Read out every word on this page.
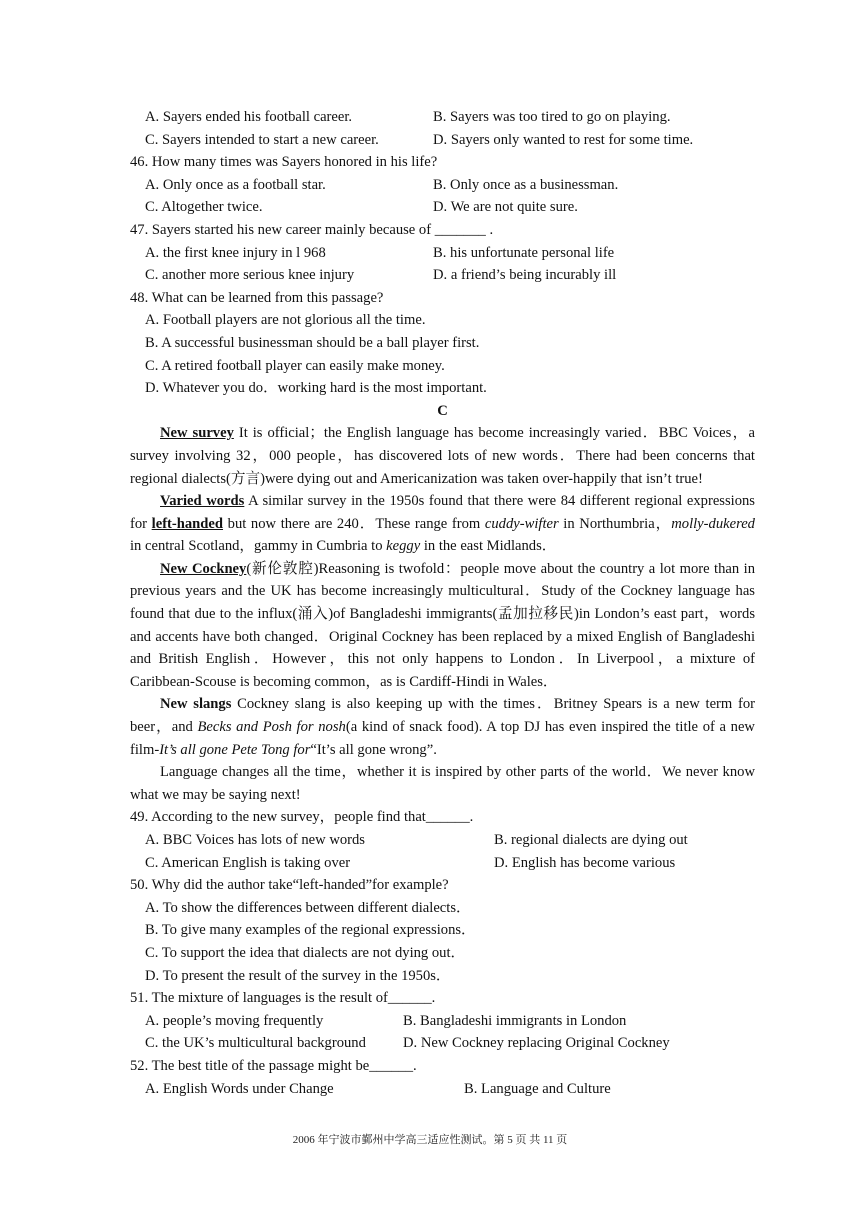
A. Sayers ended his football career.	B. Sayers was too tired to go on playing.
C. Sayers intended to start a new career.	D. Sayers only wanted to rest for some time.
46. How many times was Sayers honored in his life?
A. Only once as a football star.	B. Only once as a businessman.
C. Altogether twice.	D. We are not quite sure.
47. Sayers started his new career mainly because of _______ .
A. the first knee injury in l 968	B. his unfortunate personal life
C. another more serious knee injury	D. a friend’s being incurably ill
48. What can be learned from this passage?
A. Football players are not glorious all the time.
B. A successful businessman should be a ball player first.
C. A retired football player can easily make money.
D. Whatever you do．working hard is the most important.
C
New survey It is official；the English language has become increasingly varied．BBC Voices，a survey involving 32，000 people，has discovered lots of new words．There had been concerns that regional dialects(方言)were dying out and Americanization was taken over-happily that isn’t true!
Varied words A similar survey in the 1950s found that there were 84 different regional expressions for left-handed but now there are 240．These range from cuddy-wifter in Northumbria，molly-dukered in central Scotland，gammy in Cumbria to keggy in the east Midlands．
New Cockney(新伦敦腔)Reasoning is twofold：people move about the country a lot more than in previous years and the UK has become increasingly multicultural．Study of the Cockney language has found that due to the influx(涌入)of Bangladeshi immigrants(孟加拉移民)in London’s east part，words and accents have both changed．Original Cockney has been replaced by a mixed English of Bangladeshi and British English．However，this not only happens to London．In Liverpool，a mixture of Caribbean-Scouse is becoming common，as is Cardiff-Hindi in Wales．
New slangs Cockney slang is also keeping up with the times．Britney Spears is a new term for beer，and Becks and Posh for nosh(a kind of snack food). A top DJ has even inspired the title of a new film-It’s all gone Pete Tong for“It’s all gone wrong”.
Language changes all the time，whether it is inspired by other parts of the world．We never know what we may be saying next!
49. According to the new survey，people find that______.
A. BBC Voices has lots of new words	B. regional dialects are dying out
C. American English is taking over	D. English has become various
50. Why did the author take“left-handed”for example?
A. To show the differences between different dialects．
B. To give many examples of the regional expressions．
C. To support the idea that dialects are not dying out．
D. To present the result of the survey in the 1950s．
51. The mixture of languages is the result of______.
A. people’s moving frequently	B. Bangladeshi immigrants in London
C. the UK’s multicultural background	D. New Cockney replacing Original Cockney
52. The best title of the passage might be______.
A. English Words under Change	B. Language and Culture
2006 年宁波市鄞州中学高三适应性测试。第 5 页 共 11 页
